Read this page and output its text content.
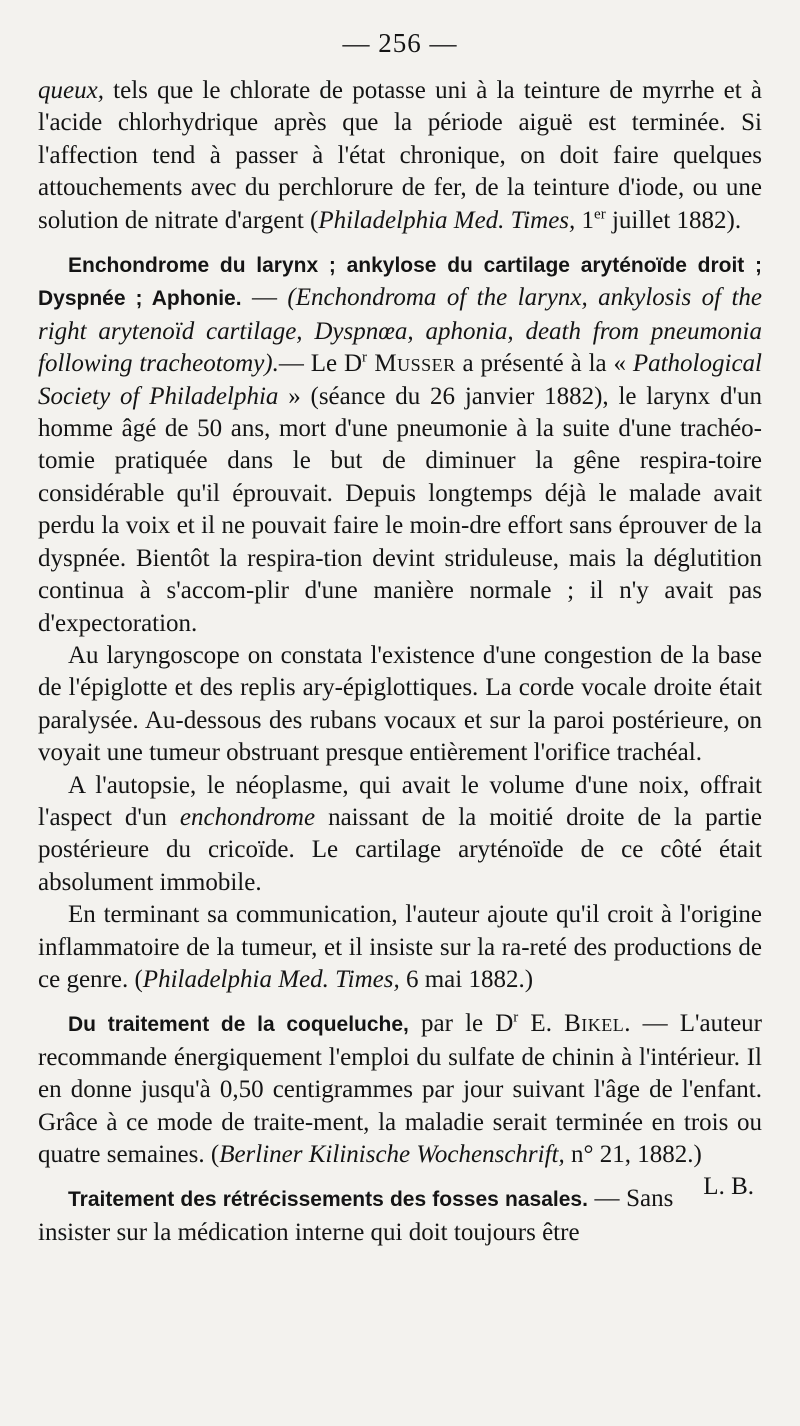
— 256 —

queux, tels que le chlorate de potasse uni à la teinture de myrrhe et à l'acide chlorhydrique après que la période aiguë est terminée. Si l'affection tend à passer à l'état chronique, on doit faire quelques attouchements avec du perchlorure de fer, de la teinture d'iode, ou une solution de nitrate d'argent (Philadelphia Med. Times, 1er juillet 1882).

Enchondrome du larynx ; ankylose du cartilage aryténoïde droit ; Dyspnée ; Aphonie. — (Enchondroma of the larynx, ankylosis of the right arytenoïd cartilage, Dyspnœa, aphonia, death from pneumonia following tracheotomy).— Le $D^r$ Musser a présenté à la « Pathological Society of Philadelphia » (séance du 26 janvier 1882), le larynx d'un homme âgé de 50 ans, mort d'une pneumonie à la suite d'une trachéo-tomie pratiquée dans le but de diminuer la gêne respira-toire considérable qu'il éprouvait. Depuis longtemps déjà le malade avait perdu la voix et il ne pouvait faire le moin-dre effort sans éprouver de la dyspnée. Bientôt la respira-tion devint striduleuse, mais la déglutition continua à s'accom-plir d'une manière normale ; il n'y avait pas d'expectoration.

Au laryngoscope on constata l'existence d'une congestion de la base de l'épiglotte et des replis ary-épiglottiques. La corde vocale droite était paralysée. Au-dessous des rubans vocaux et sur la paroi postérieure, on voyait une tumeur obstruant presque entièrement l'orifice trachéal.

A l'autopsie, le néoplasme, qui avait le volume d'une noix, offrait l'aspect d'un enchondrome naissant de la moitié droite de la partie postérieure du cricoïde. Le cartilage aryténoïde de ce côté était absolument immobile.

En terminant sa communication, l'auteur ajoute qu'il croit à l'origine inflammatoire de la tumeur, et il insiste sur la ra-reté des productions de ce genre. (Philadelphia Med. Times, 6 mai 1882.)

Du traitement de la coqueluche, par le $D^r$ E. Bikel. — L'auteur recommande énergiquement l'emploi du sulfate de chinin à l'intérieur. Il en donne jusqu'à 0,50 centigrammes par jour suivant l'âge de l'enfant. Grâce à ce mode de traite-ment, la maladie serait terminée en trois ou quatre semaines. (Berliner Kilinische Wochenschrift, n° 21, 1882.)
L. B.

Traitement des rétrécissements des fosses nasales. — Sans insister sur la médication interne qui doit toujours être
